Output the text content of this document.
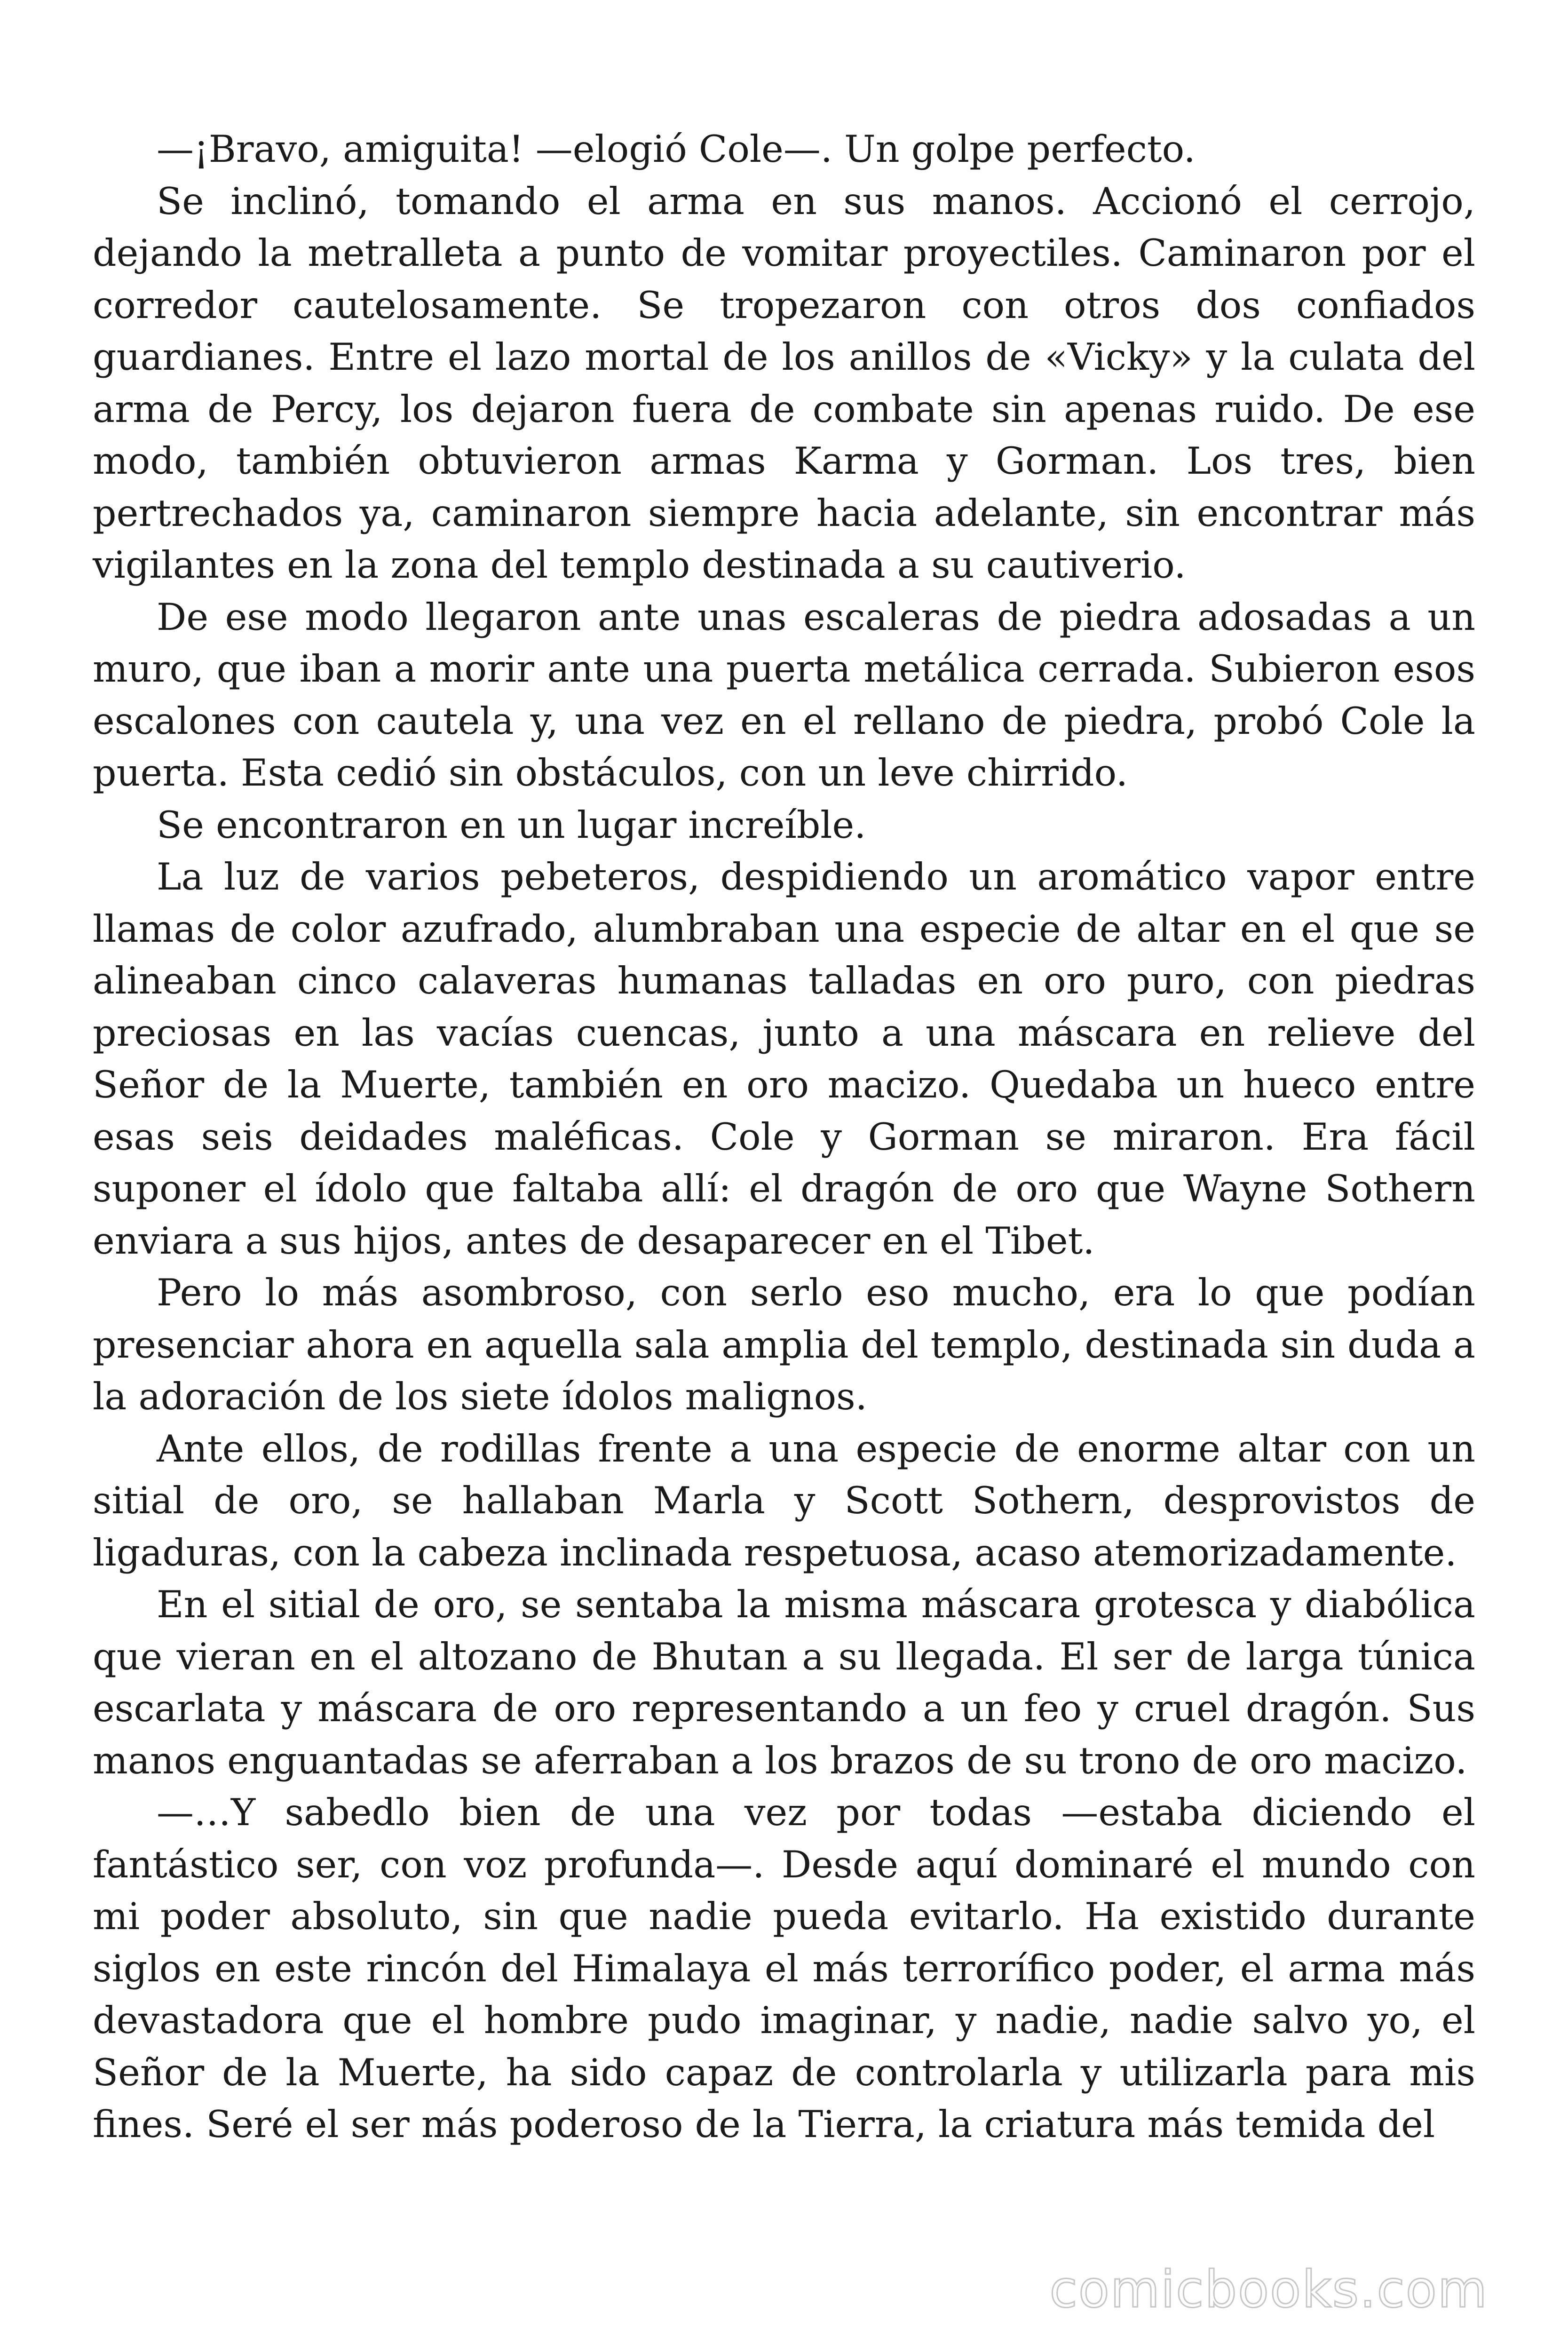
—¡Bravo, amiguita! —elogió Cole—. Un golpe perfecto.

Se inclinó, tomando el arma en sus manos. Accionó el cerrojo, dejando la metralleta a punto de vomitar proyectiles. Caminaron por el corredor cautelosamente. Se tropezaron con otros dos confiados guardianes. Entre el lazo mortal de los anillos de «Vicky» y la culata del arma de Percy, los dejaron fuera de combate sin apenas ruido. De ese modo, también obtuvieron armas Karma y Gorman. Los tres, bien pertrechados ya, caminaron siempre hacia adelante, sin encontrar más vigilantes en la zona del templo destinada a su cautiverio.

De ese modo llegaron ante unas escaleras de piedra adosadas a un muro, que iban a morir ante una puerta metálica cerrada. Subieron esos escalones con cautela y, una vez en el rellano de piedra, probó Cole la puerta. Esta cedió sin obstáculos, con un leve chirrido.

Se encontraron en un lugar increíble.

La luz de varios pebeteros, despidiendo un aromático vapor entre llamas de color azufrado, alumbraban una especie de altar en el que se alineaban cinco calaveras humanas talladas en oro puro, con piedras preciosas en las vacías cuencas, junto a una máscara en relieve del Señor de la Muerte, también en oro macizo. Quedaba un hueco entre esas seis deidades maléficas. Cole y Gorman se miraron. Era fácil suponer el ídolo que faltaba allí: el dragón de oro que Wayne Sothern enviara a sus hijos, antes de desaparecer en el Tibet.

Pero lo más asombroso, con serlo eso mucho, era lo que podían presenciar ahora en aquella sala amplia del templo, destinada sin duda a la adoración de los siete ídolos malignos.

Ante ellos, de rodillas frente a una especie de enorme altar con un sitial de oro, se hallaban Marla y Scott Sothern, desprovistos de ligaduras, con la cabeza inclinada respetuosa, acaso atemorizadamente.

En el sitial de oro, se sentaba la misma máscara grotesca y diabólica que vieran en el altozano de Bhutan a su llegada. El ser de larga túnica escarlata y máscara de oro representando a un feo y cruel dragón. Sus manos enguantadas se aferraban a los brazos de su trono de oro macizo.

—…Y sabedlo bien de una vez por todas —estaba diciendo el fantástico ser, con voz profunda—. Desde aquí dominaré el mundo con mi poder absoluto, sin que nadie pueda evitarlo. Ha existido durante siglos en este rincón del Himalaya el más terrorífico poder, el arma más devastadora que el hombre pudo imaginar, y nadie, nadie salvo yo, el Señor de la Muerte, ha sido capaz de controlarla y utilizarla para mis fines. Seré el ser más poderoso de la Tierra, la criatura más temida del

comicbooks.com
